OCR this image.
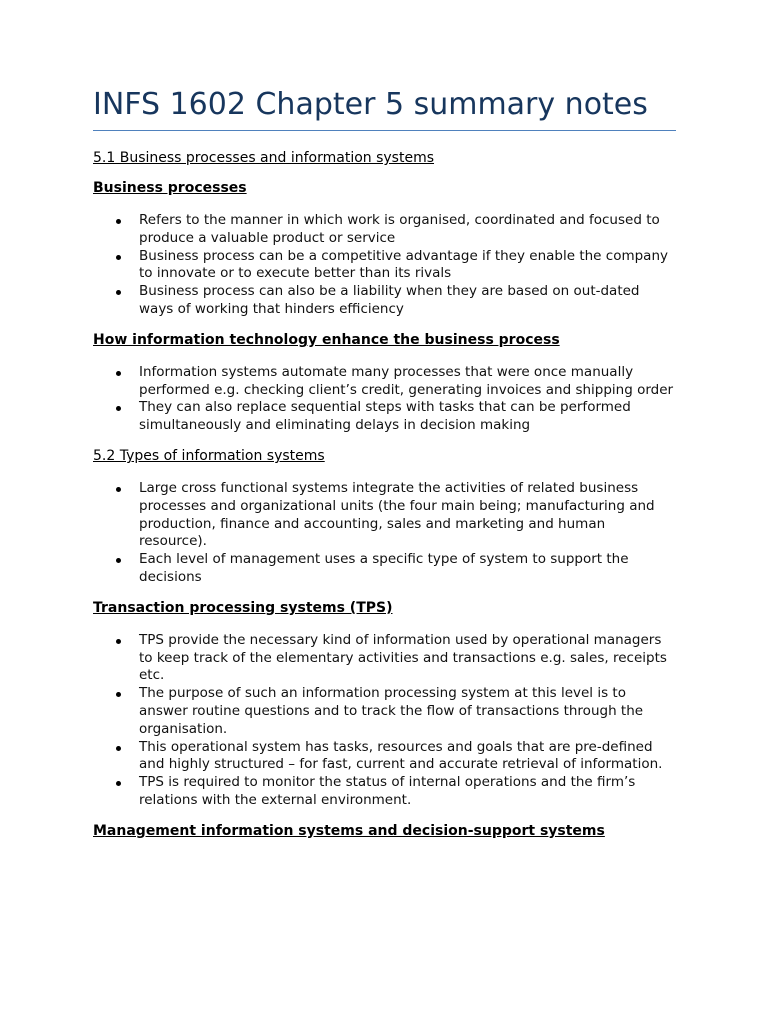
INFS 1602 Chapter 5 summary notes
5.1 Business processes and information systems
Business processes
Refers to the manner in which work is organised, coordinated and focused to produce a valuable product or service
Business process can be a competitive advantage if they enable the company to innovate or to execute better than its rivals
Business process can also be a liability when they are based on out-dated ways of working that hinders efficiency
How information technology enhance the business process
Information systems automate many processes that were once manually performed e.g. checking client’s credit, generating invoices and shipping order
They can also replace sequential steps with tasks that can be performed simultaneously and eliminating delays in decision making
5.2 Types of information systems
Large cross functional systems integrate the activities of related business processes and organizational units (the four main being; manufacturing and production, finance and accounting, sales and marketing and human resource).
Each level of management uses a specific type of system to support the decisions
Transaction processing systems (TPS)
TPS provide the necessary kind of information used by operational managers to keep track of the elementary activities and transactions e.g. sales, receipts etc.
The purpose of such an information processing system at this level is to answer routine questions and to track the flow of transactions through the organisation.
This operational system has tasks, resources and goals that are pre-defined and highly structured – for fast, current and accurate retrieval of information.
TPS is required to monitor the status of internal operations and the firm’s relations with the external environment.
Management information systems and decision-support systems
